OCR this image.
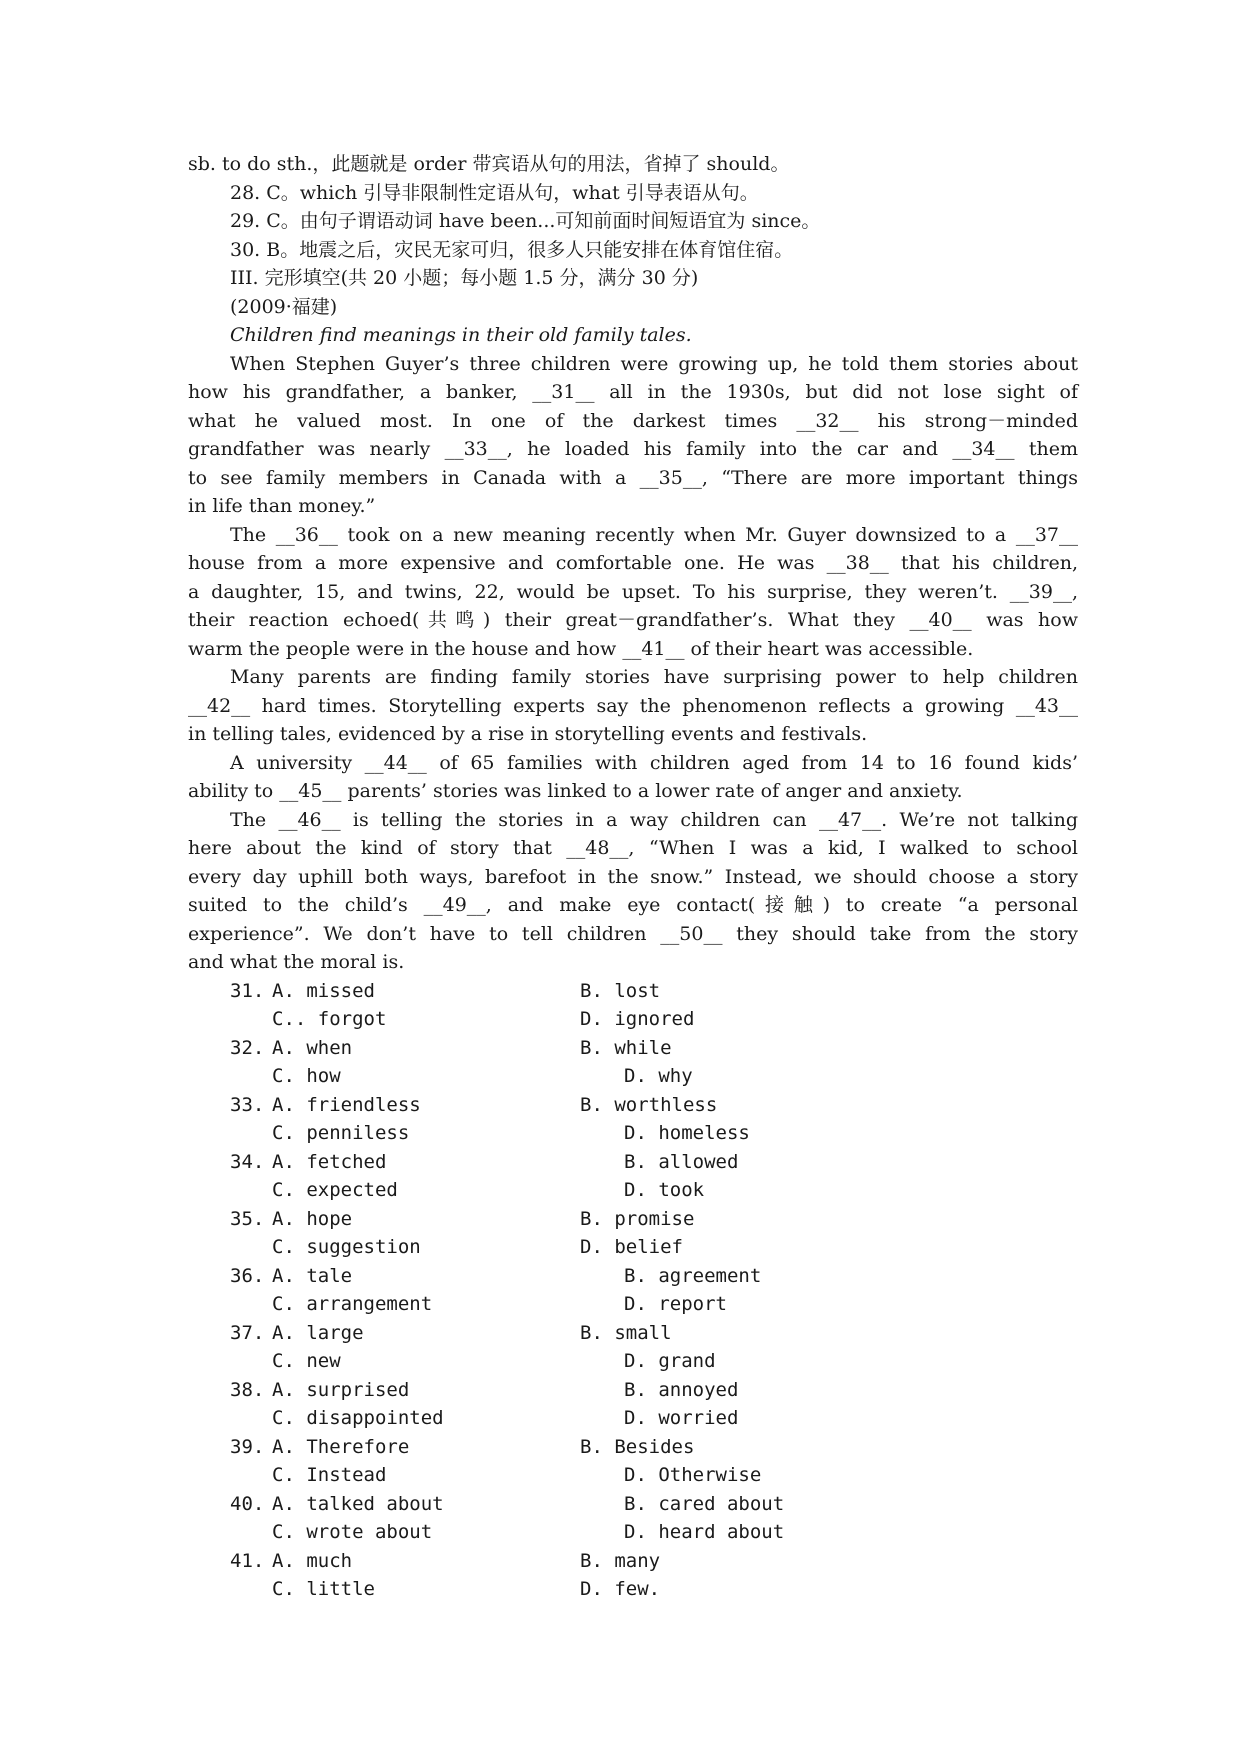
sb. to do sth.，此题就是 order 带宾语从句的用法，省掉了 should。
28. C。which 引导非限制性定语从句，what 引导表语从句。
29. C。由句子谓语动词 have been...可知前面时间短语宜为 since。
30. B。地震之后，灾民无家可归，很多人只能安排在体育馆住宿。
III. 完形填空(共 20 小题；每小题 1.5 分，满分 30 分)
(2009·福建)
Children find meanings in their old family tales.
When Stephen Guyer’s three children were growing up, he told them stories about
how his grandfather, a banker, __31__ all in the 1930s, but did not lose sight of
what he valued most. In one of the darkest times __32__ his strong－minded
grandfather was nearly __33__, he loaded his family into the car and __34__ them
to see family members in Canada with a __35__, “There are more important things
in life than money.”
The __36__ took on a new meaning recently when Mr. Guyer downsized to a __37__
house from a more expensive and comfortable one. He was __38__ that his children,
a daughter, 15, and twins, 22, would be upset. To his surprise, they weren’t. __39__,
their reaction echoed(共鸣) their great－grandfather’s. What they __40__ was how
warm the people were in the house and how __41__ of their heart was accessible.
Many parents are finding family stories have surprising power to help children
__42__ hard times. Storytelling experts say the phenomenon reflects a growing __43__
in telling tales, evidenced by a rise in storytelling events and festivals.
A university __44__ of 65 families with children aged from 14 to 16 found kids’
ability to __45__ parents’ stories was linked to a lower rate of anger and anxiety.
The __46__ is telling the stories in a way children can __47__. We’re not talking
here about the kind of story that __48__, “When I was a kid, I walked to school
every day uphill both ways, barefoot in the snow.” Instead, we should choose a story
suited to the child’s __49__, and make eye contact(接触) to create “a personal
experience”. We don’t have to tell children __50__ they should take from the story
and what the moral is.
31. A. missed	B. lost
C.. forgot	D. ignored
32. A. when	B. while
C. how	D. why
33. A. friendless	B. worthless
C. penniless	D. homeless
34. A. fetched	B. allowed
C. expected	D. took
35. A. hope	B. promise
C. suggestion	D. belief
36. A. tale	B. agreement
C. arrangement	D. report
37. A. large	B. small
C. new	D. grand
38. A. surprised	B. annoyed
C. disappointed	D. worried
39. A. Therefore	B. Besides
C. Instead	D. Otherwise
40. A. talked about	B. cared about
C. wrote about	D. heard about
41. A. much	B. many
C. little	D. few.
